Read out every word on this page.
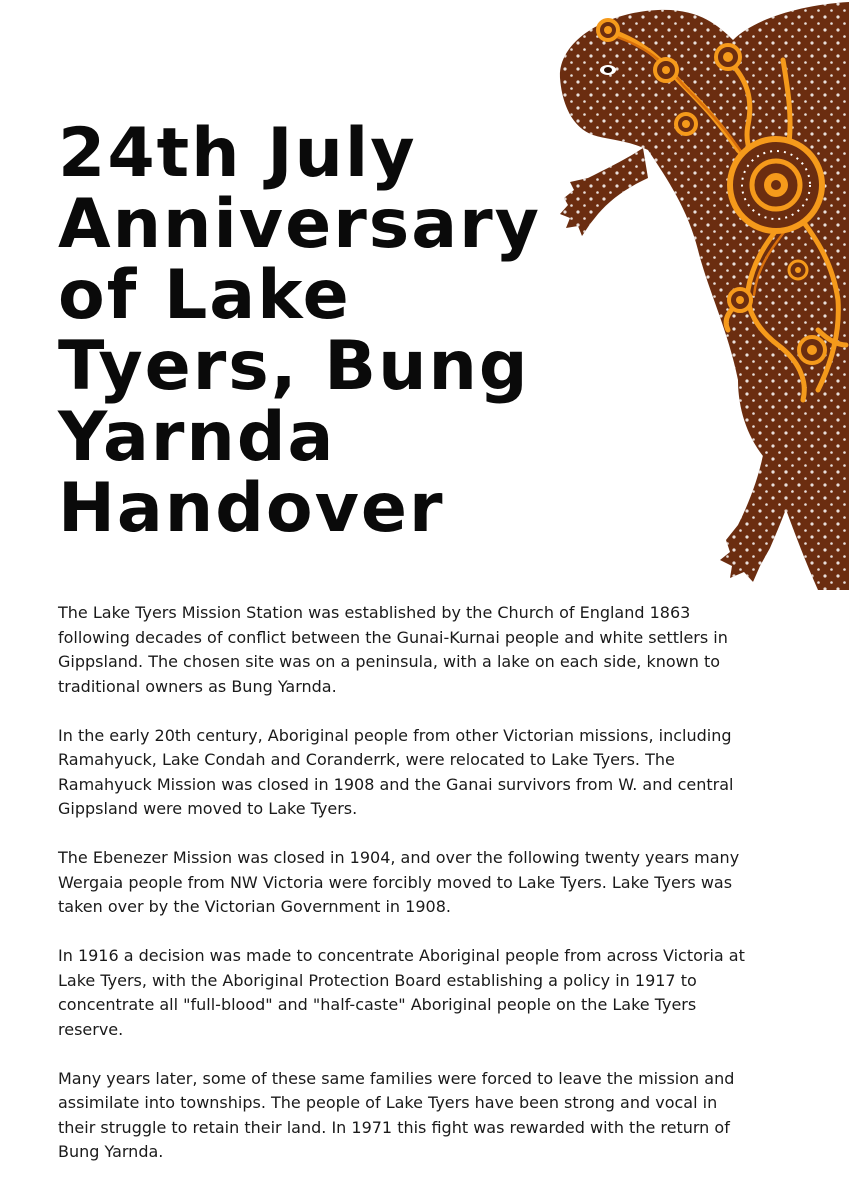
24th July
Anniversary
of Lake
Tyers, Bung
Yarnda
Handover

The Lake Tyers Mission Station was established by the Church of England 1863
following decades of conflict between the Gunai-Kurnai people and white settlers in
Gippsland. The chosen site was on a peninsula, with a lake on each side, known to
traditional owners as Bung Yarnda.

In the early 20th century, Aboriginal people from other Victorian missions, including
Ramahyuck, Lake Condah and Coranderrk, were relocated to Lake Tyers. The
Ramahyuck Mission was closed in 1908 and the Ganai survivors from W. and central
Gippsland were moved to Lake Tyers.

The Ebenezer Mission was closed in 1904, and over the following twenty years many
Wergaia people from NW Victoria were forcibly moved to Lake Tyers. Lake Tyers was
taken over by the Victorian Government in 1908.

In 1916 a decision was made to concentrate Aboriginal people from across Victoria at
Lake Tyers, with the Aboriginal Protection Board establishing a policy in 1917 to
concentrate all "full-blood" and "half-caste" Aboriginal people on the Lake Tyers
reserve.

Many years later, some of these same families were forced to leave the mission and
assimilate into townships. The people of Lake Tyers have been strong and vocal in
their struggle to retain their land. In 1971 this fight was rewarded with the return of
Bung Yarnda.
